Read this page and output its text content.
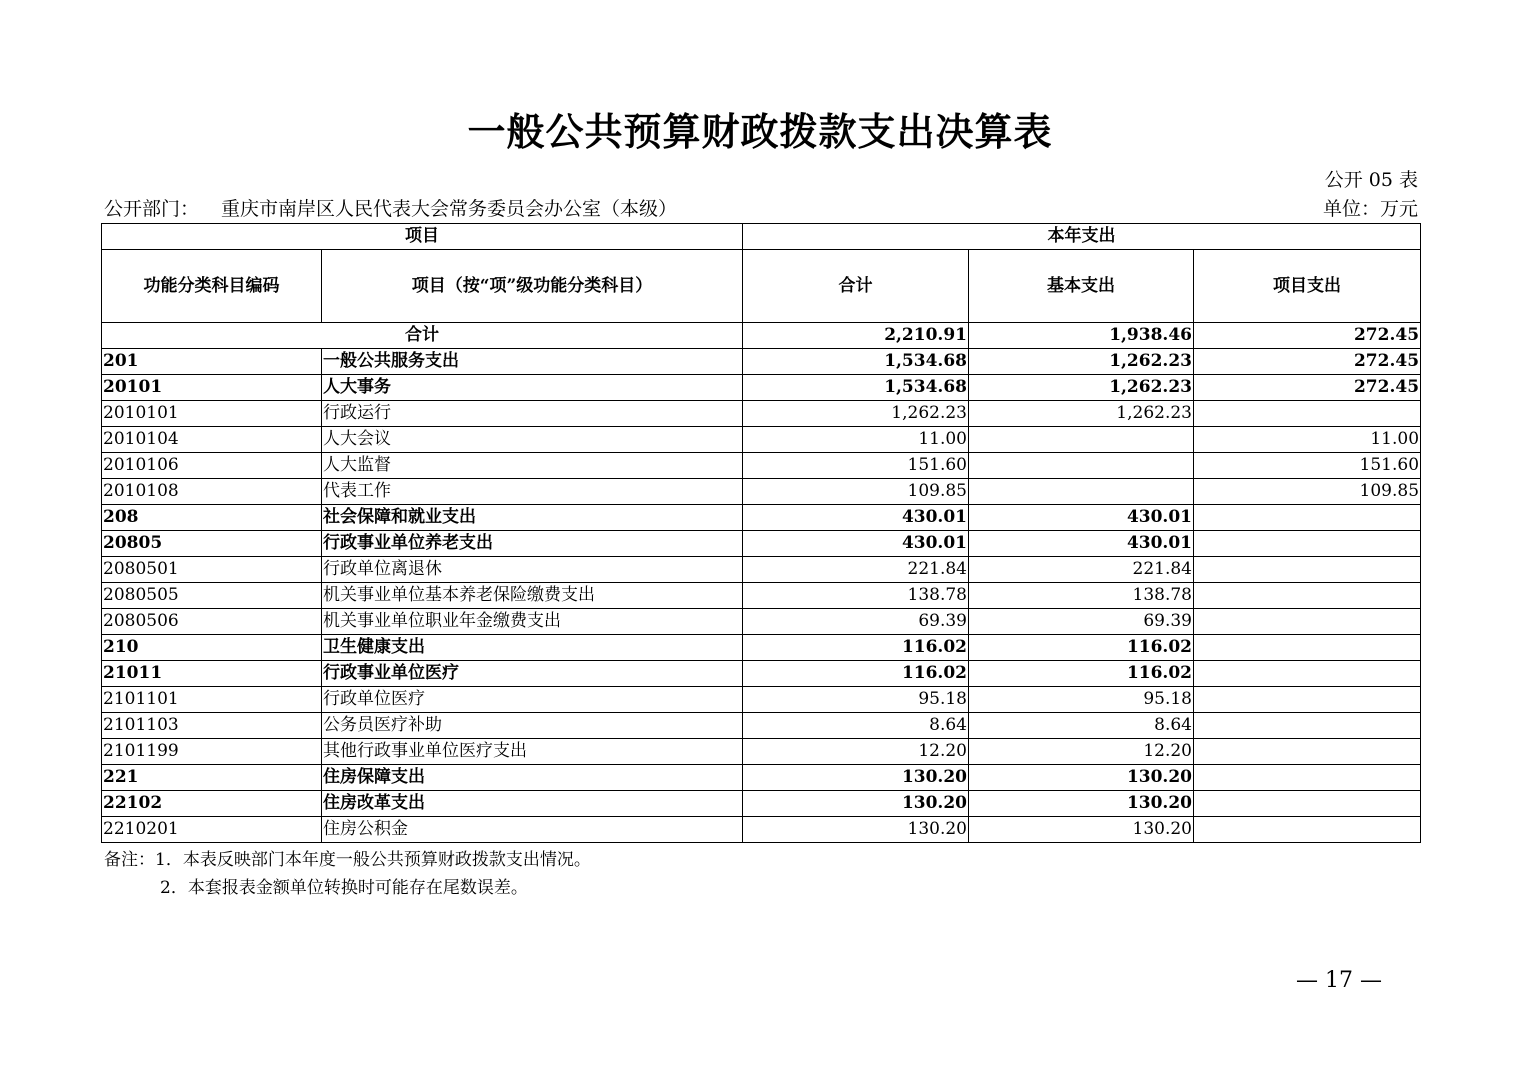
一般公共预算财政拨款支出决算表
公开 05 表
公开部门： 重庆市南岸区人民代表大会常务委员会办公室（本级）	单位：万元
项目		本年支出		
功能分类科目编码	项目（按“项”级功能分类科目）	合计	基本支出	项目支出
合计		2,210.91	1,938.46	272.45
201	一般公共服务支出	1,534.68	1,262.23	272.45
20101	人大事务	1,534.68	1,262.23	272.45
2010101	行政运行	1,262.23	1,262.23	
2010104	人大会议	11.00		11.00
2010106	人大监督	151.60		151.60
2010108	代表工作	109.85		109.85
208	社会保障和就业支出	430.01	430.01	
20805	行政事业单位养老支出	430.01	430.01	
2080501	行政单位离退休	221.84	221.84	
2080505	机关事业单位基本养老保险缴费支出	138.78	138.78	
2080506	机关事业单位职业年金缴费支出	69.39	69.39	
210	卫生健康支出	116.02	116.02	
21011	行政事业单位医疗	116.02	116.02	
2101101	行政单位医疗	95.18	95.18	
2101103	公务员医疗补助	8.64	8.64	
2101199	其他行政事业单位医疗支出	12.20	12.20	
221	住房保障支出	130.20	130.20	
22102	住房改革支出	130.20	130.20	
2210201	住房公积金	130.20	130.20	
备注：1．本表反映部门本年度一般公共预算财政拨款支出情况。
2．本套报表金额单位转换时可能存在尾数误差。
— 17 —
